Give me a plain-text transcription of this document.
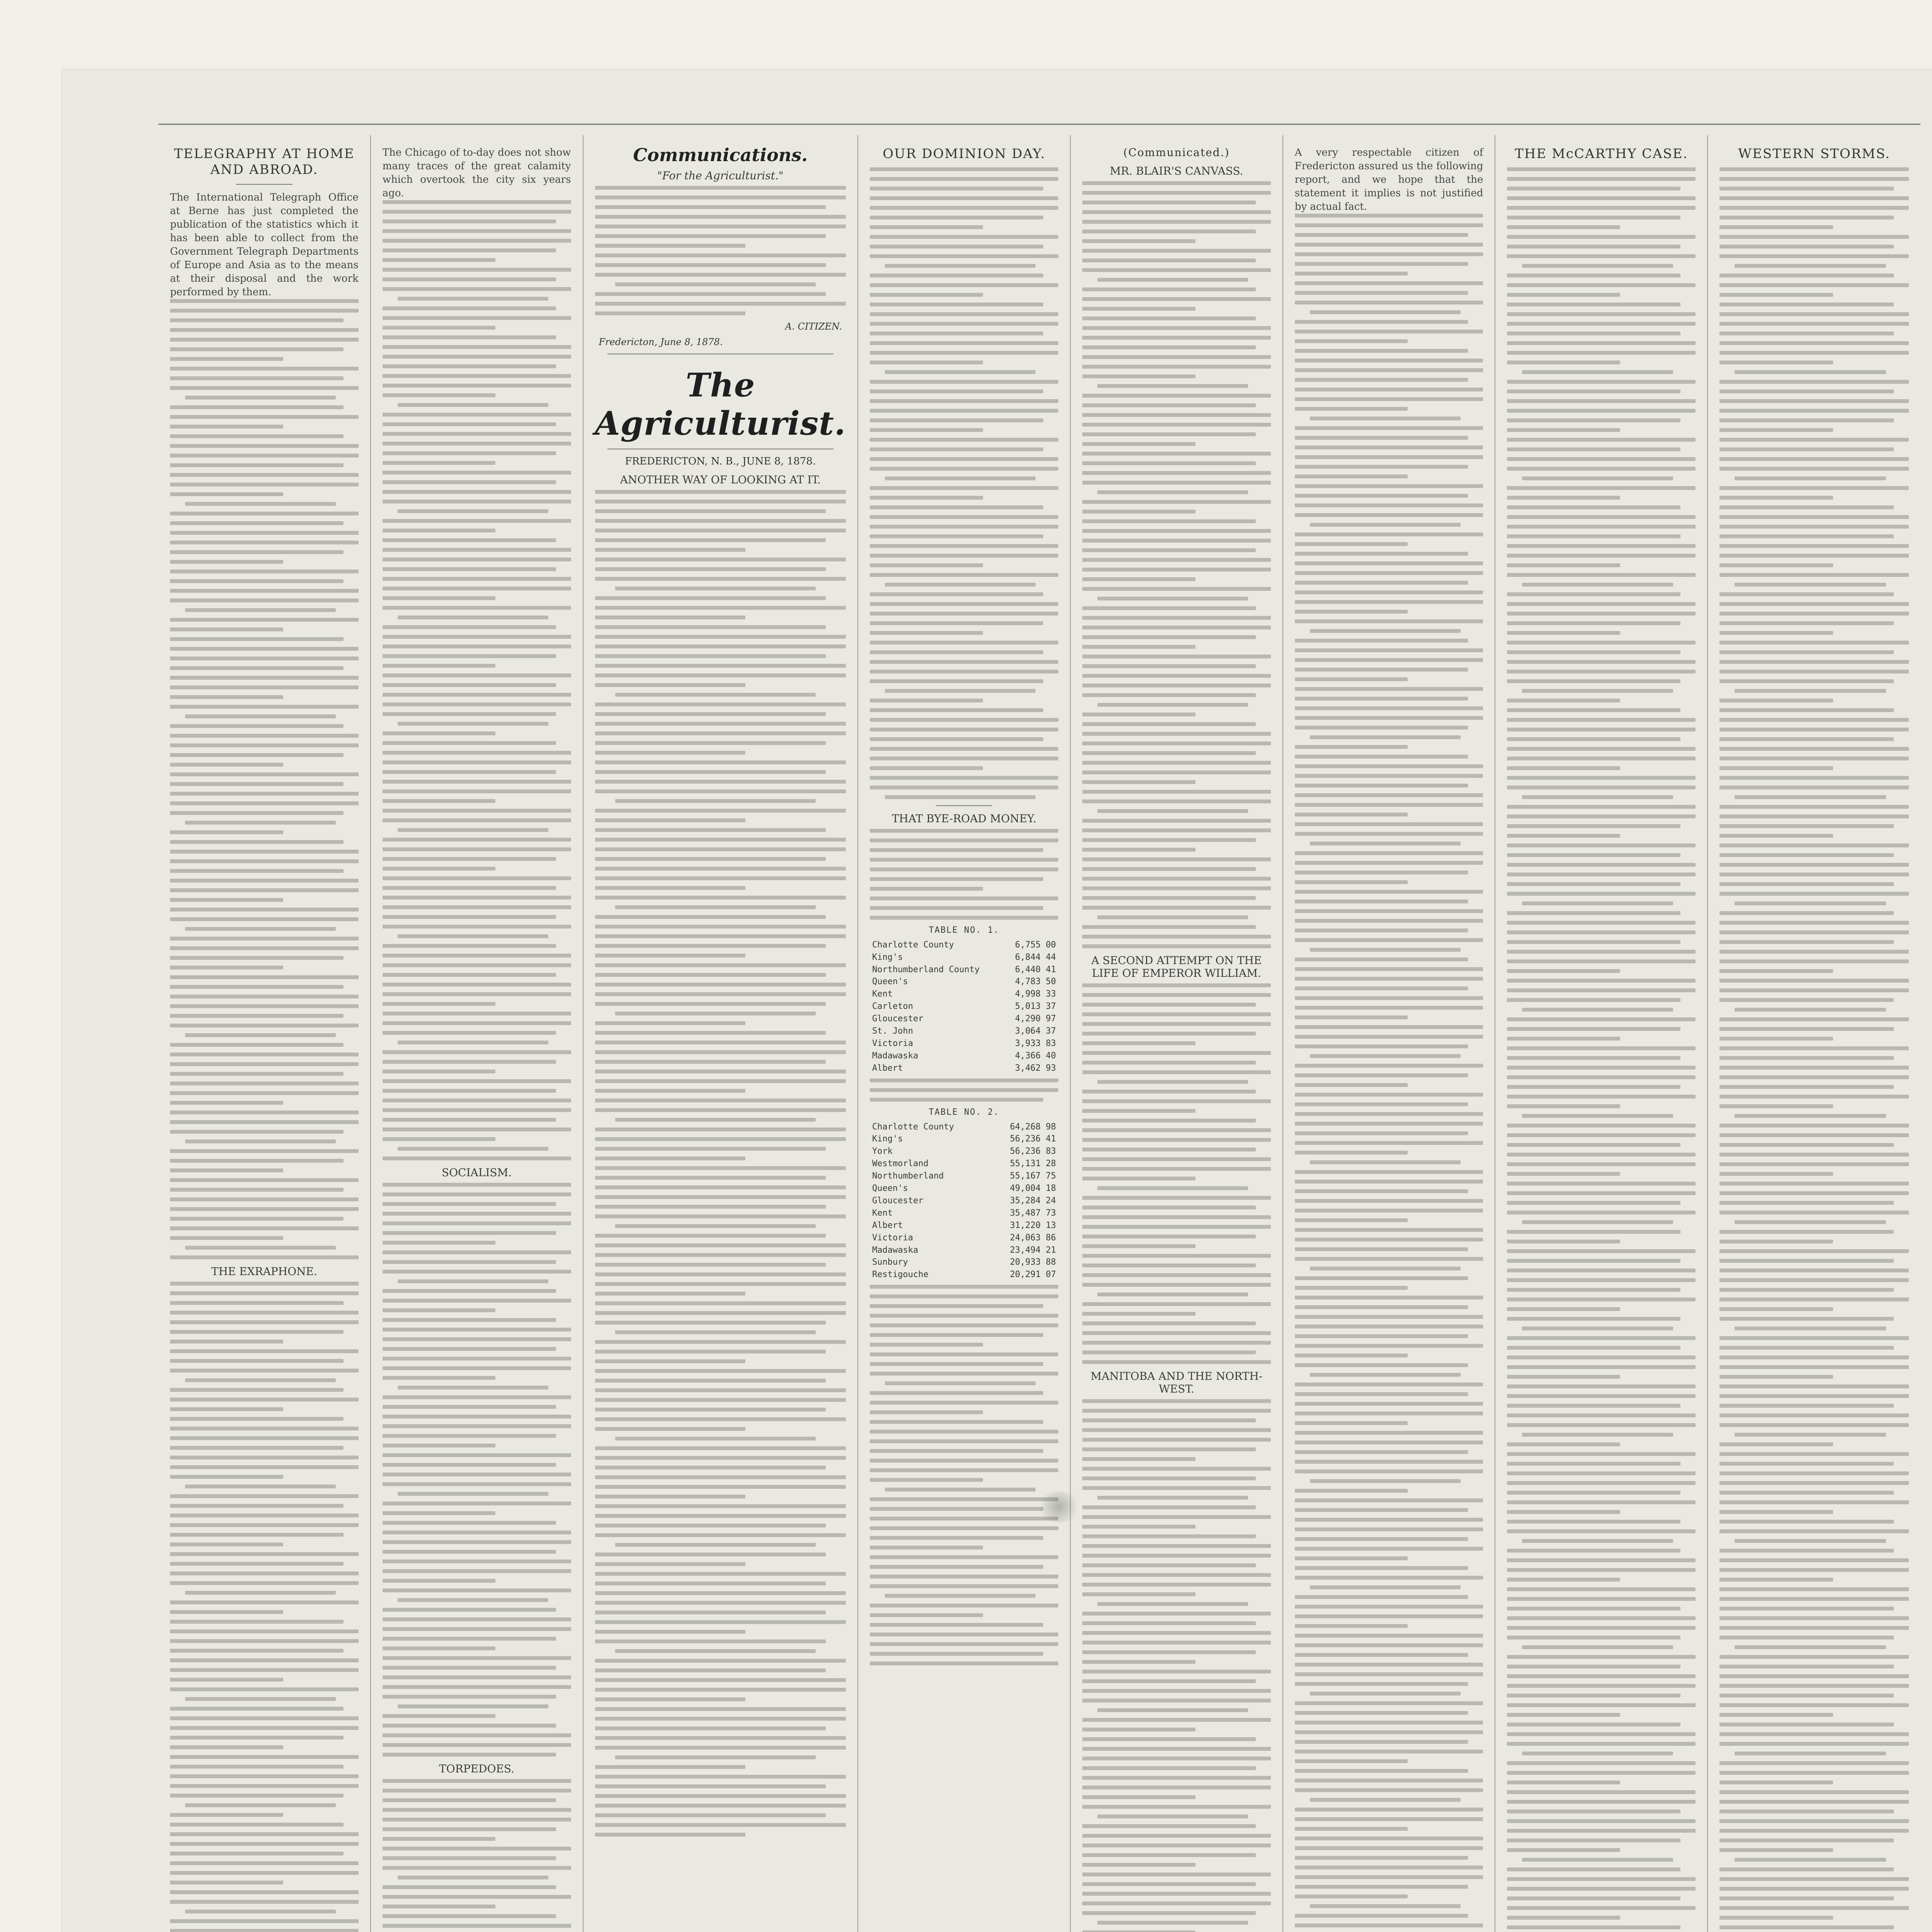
TELEGRAPHY AT HOME AND ABROAD.
The International Telegraph Office at Berne has just completed the publication of the statistics which it has been able to collect from the Government Telegraph Departments of Europe and Asia as to the means at their disposal and the work performed by them.
THE EXRAPHONE.
The Chicago of to-day does not show many traces of the great calamity which overtook the city six years ago.
SOCIALISM.
TORPEDOES.
Communications.
"For the Agriculturist."
A. CITIZEN.
Fredericton, June 8, 1878.
The Agriculturist.
FREDERICTON, N. B., JUNE 8, 1878.
ANOTHER WAY OF LOOKING AT IT.
OUR DOMINION DAY.
THAT BYE-ROAD MONEY.
TABLE NO. 1.
Charlotte County	6,755 00
King's	6,844 44
Northumberland County	6,440 41
Queen's	4,783 50
Kent	4,998 33
Carleton	5,013 37
Gloucester	4,290 97
St. John	3,064 37
Victoria	3,933 83
Madawaska	4,366 40
Albert	3,462 93
TABLE NO. 2.
Charlotte County	64,268 98
King's	56,236 41
York	56,236 83
Westmorland	55,131 28
Northumberland	55,167 75
Queen's	49,004 18
Gloucester	35,284 24
Kent	35,487 73
Albert	31,220 13
Victoria	24,063 86
Madawaska	23,494 21
Sunbury	20,933 88
Restigouche	20,291 07
(Communicated.)
MR. BLAIR'S CANVASS.
A SECOND ATTEMPT ON THE LIFE OF EMPEROR WILLIAM.
MANITOBA AND THE NORTH-WEST.
A very respectable citizen of Fredericton assured us the following report, and we hope that the statement it implies is not justified by actual fact.
THE McCARTHY CASE.	WESTERN STORMS.
